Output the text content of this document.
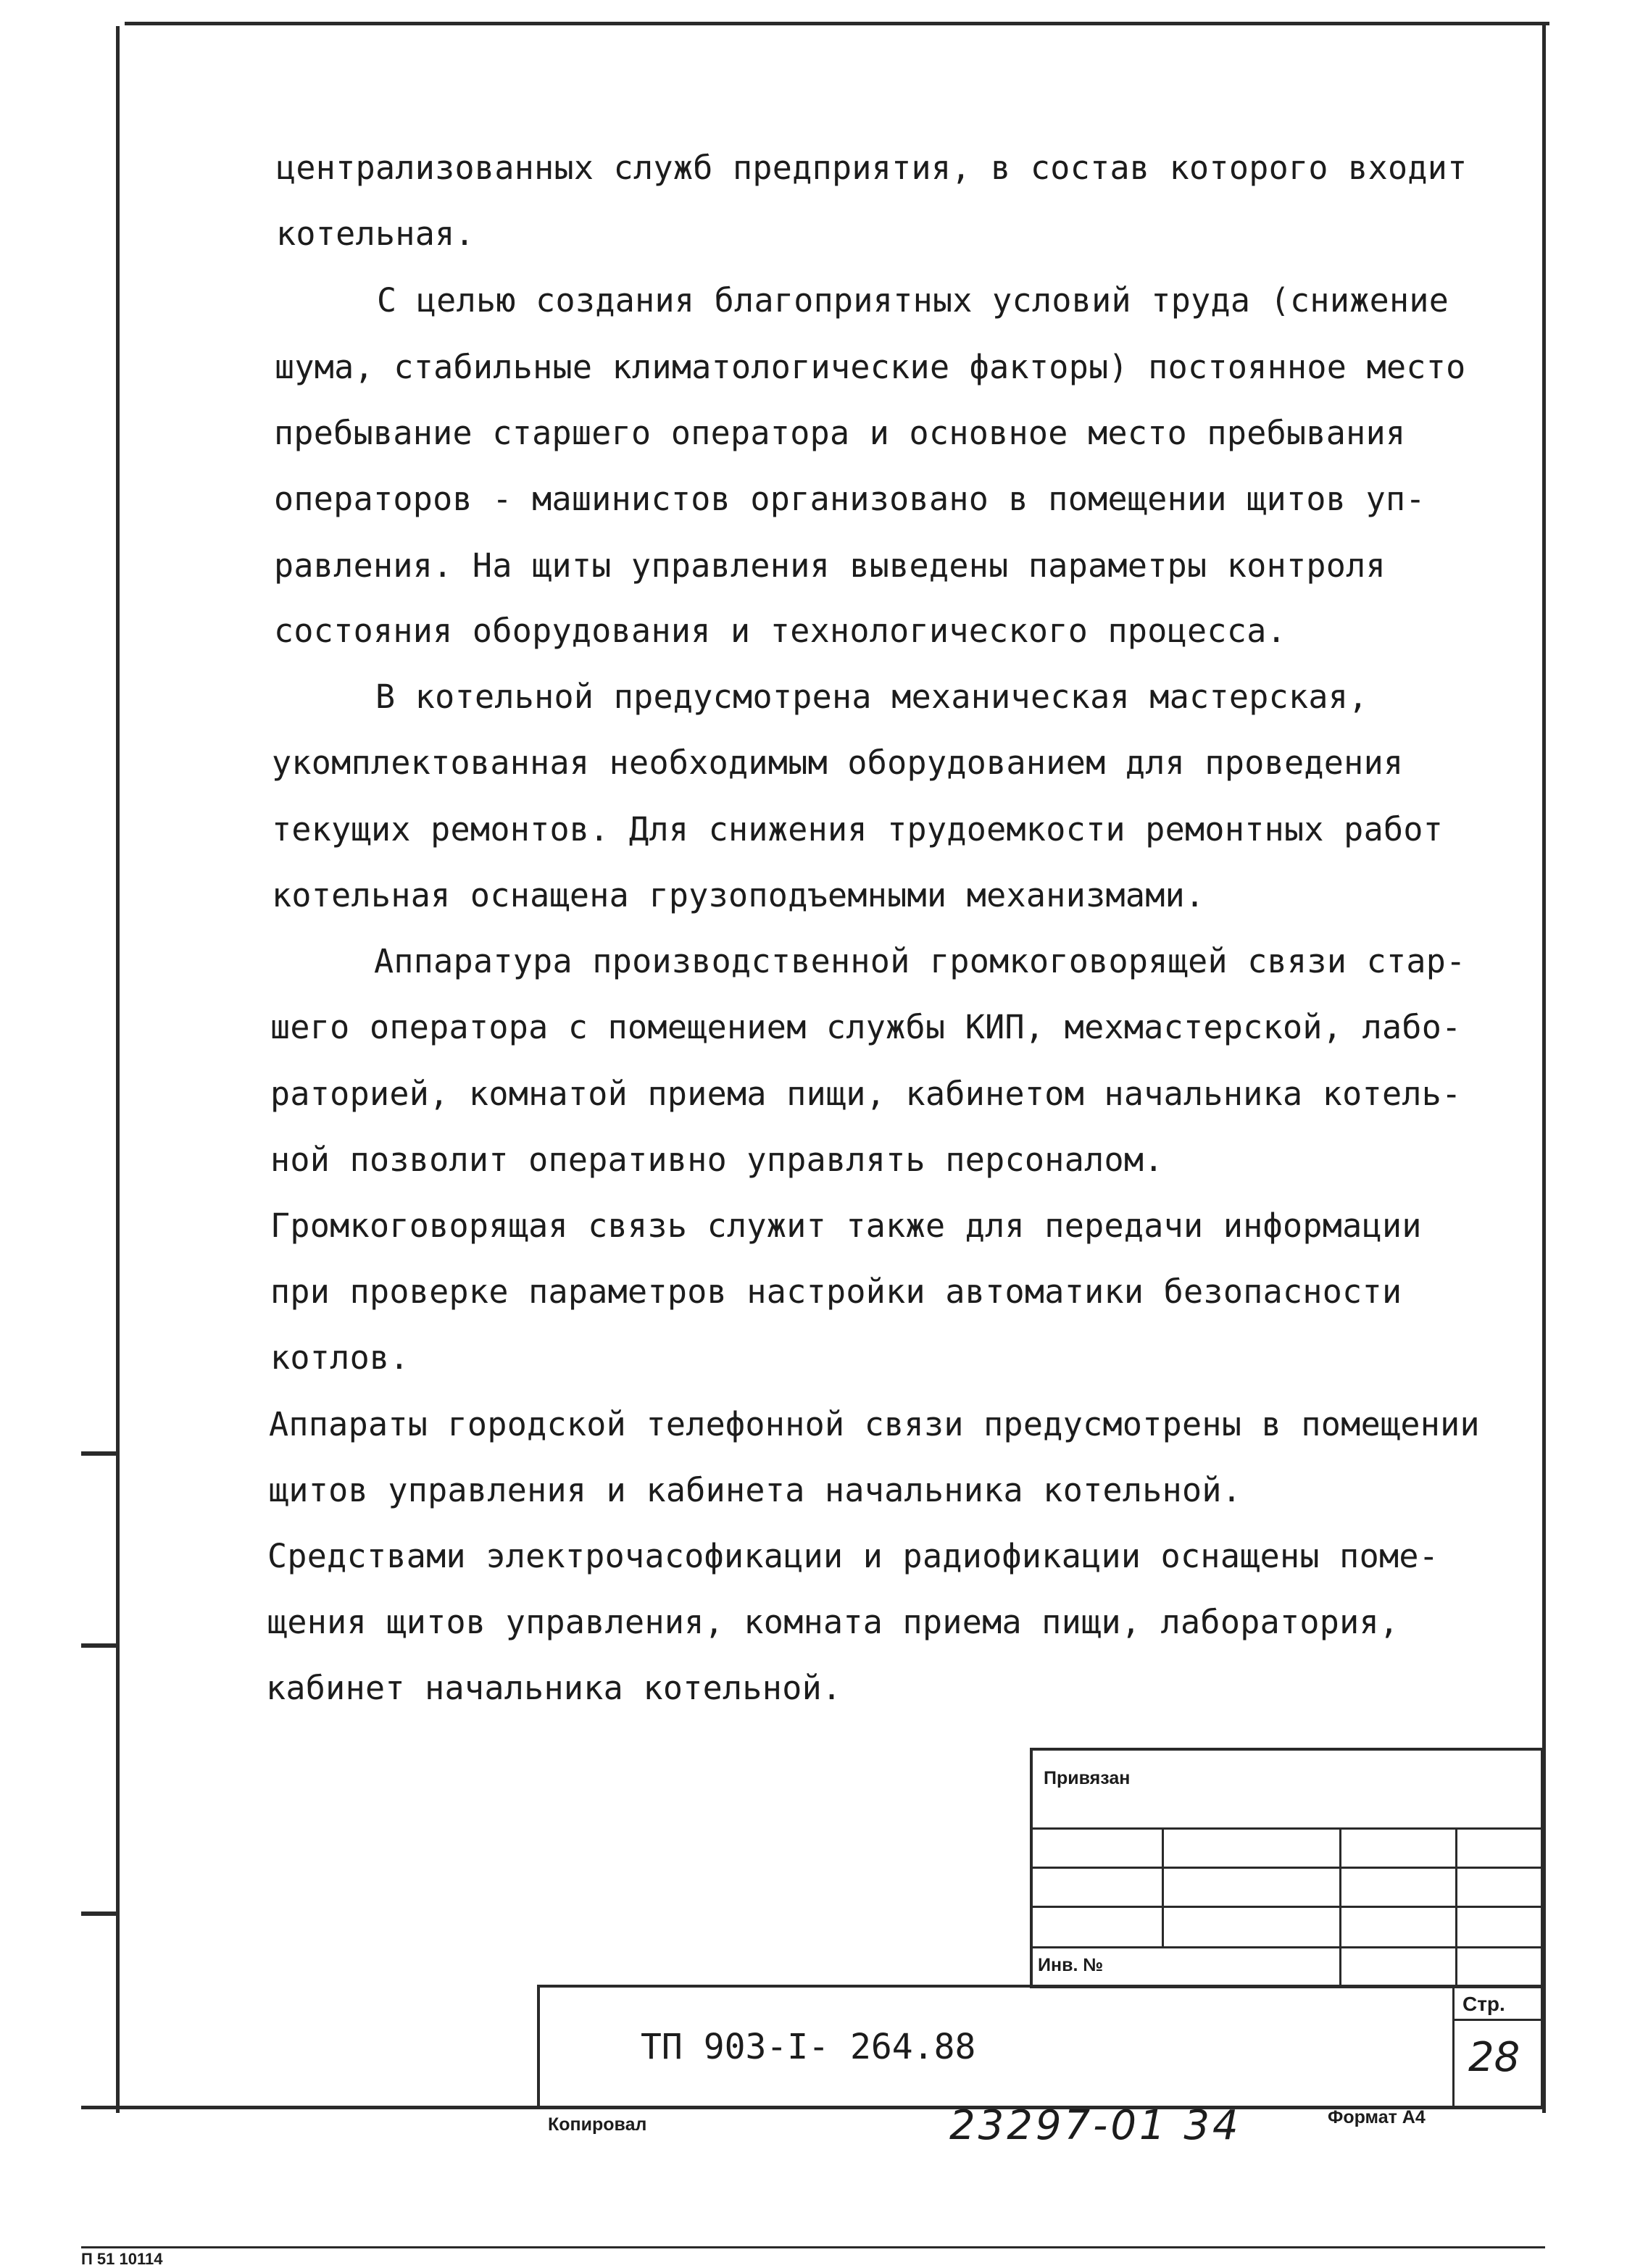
централизованных служб предприятия, в состав которого входит
котельная.
С целью создания благоприятных условий труда (снижение
шума, стабильные климатологические факторы) постоянное место
пребывание старшего оператора и основное место пребывания
операторов - машинистов организовано в помещении щитов уп-
равления. На щиты управления выведены параметры контроля
состояния оборудования и технологического процесса.
В котельной предусмотрена механическая мастерская,
укомплектованная необходимым оборудованием для проведения
текущих ремонтов. Для снижения трудоемкости ремонтных работ
котельная оснащена грузоподъемными механизмами.
Аппаратура производственной громкоговорящей связи стар-
шего оператора с помещением службы КИП, мехмастерской, лабо-
раторией, комнатой приема пищи, кабинетом начальника котель-
ной позволит оперативно управлять персоналом.
Громкоговорящая связь служит также для передачи информации
при проверке параметров настройки автоматики безопасности
котлов.
Аппараты городской телефонной связи предусмотрены в помещении
щитов управления и кабинета начальника котельной.
Средствами электрочасофикации и радиофикации оснащены поме-
щения щитов управления, комната приема пищи, лаборатория,
кабинет начальника котельной.
Привязан
Инв. №
Стр.
28
ТП 903-I- 264.88
Копировал	23297-01 34	Формат А4
П 51 10114
